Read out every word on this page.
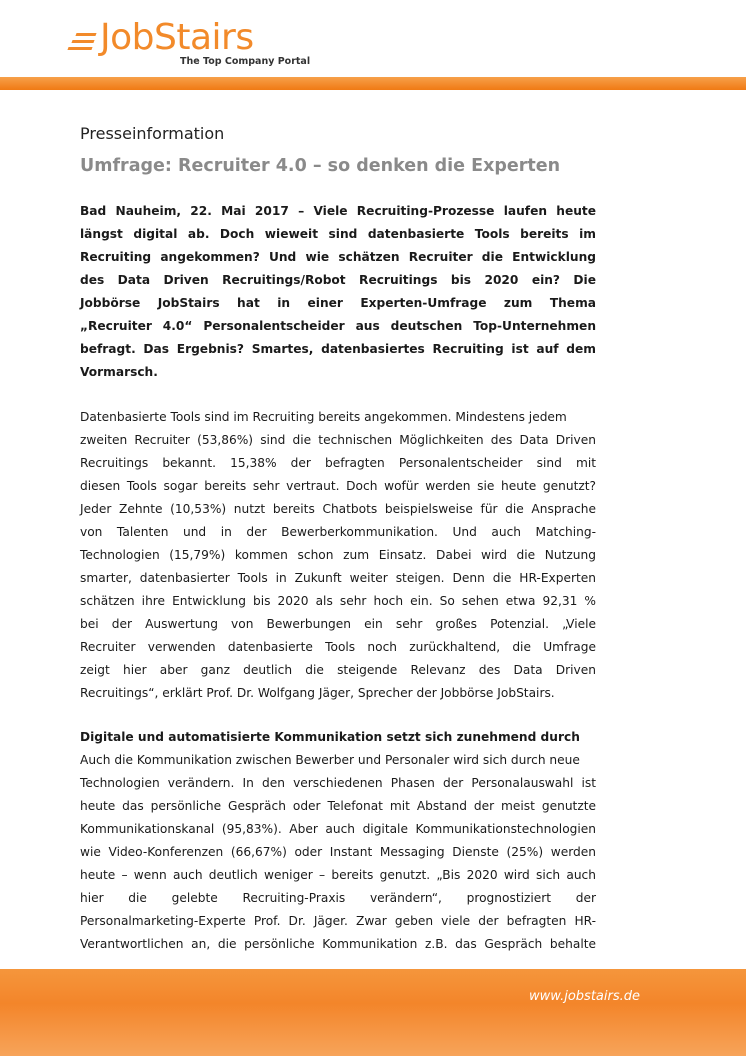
JobStairs
The Top Company Portal
Presseinformation
Umfrage: Recruiter 4.0 – so denken die Experten
Bad Nauheim, 22. Mai 2017 – Viele Recruiting-Prozesse laufen heute
längst digital ab. Doch wieweit sind datenbasierte Tools bereits im
Recruiting angekommen? Und wie schätzen Recruiter die Entwicklung
des Data Driven Recruitings/Robot Recruitings bis 2020 ein? Die
Jobbörse JobStairs hat in einer Experten-Umfrage zum Thema
„Recruiter 4.0“ Personalentscheider aus deutschen Top-Unternehmen
befragt. Das Ergebnis? Smartes, datenbasiertes Recruiting ist auf dem
Vormarsch.
Datenbasierte Tools sind im Recruiting bereits angekommen. Mindestens jedem
zweiten Recruiter (53,86%) sind die technischen Möglichkeiten des Data Driven
Recruitings bekannt. 15,38% der befragten Personalentscheider sind mit
diesen Tools sogar bereits sehr vertraut. Doch wofür werden sie heute genutzt?
Jeder Zehnte (10,53%) nutzt bereits Chatbots beispielsweise für die Ansprache
von Talenten und in der Bewerberkommunikation. Und auch Matching-
Technologien (15,79%) kommen schon zum Einsatz. Dabei wird die Nutzung
smarter, datenbasierter Tools in Zukunft weiter steigen. Denn die HR-Experten
schätzen ihre Entwicklung bis 2020 als sehr hoch ein. So sehen etwa 92,31 %
bei der Auswertung von Bewerbungen ein sehr großes Potenzial. „Viele
Recruiter verwenden datenbasierte Tools noch zurückhaltend, die Umfrage
zeigt hier aber ganz deutlich die steigende Relevanz des Data Driven
Recruitings“, erklärt Prof. Dr. Wolfgang Jäger, Sprecher der Jobbörse JobStairs.
Digitale und automatisierte Kommunikation setzt sich zunehmend durch
Auch die Kommunikation zwischen Bewerber und Personaler wird sich durch neue
Technologien verändern. In den verschiedenen Phasen der Personalauswahl ist
heute das persönliche Gespräch oder Telefonat mit Abstand der meist genutzte
Kommunikationskanal (95,83%). Aber auch digitale Kommunikationstechnologien
wie Video-Konferenzen (66,67%) oder Instant Messaging Dienste (25%) werden
heute – wenn auch deutlich weniger – bereits genutzt. „Bis 2020 wird sich auch
hier die gelebte Recruiting-Praxis verändern“, prognostiziert der
Personalmarketing-Experte Prof. Dr. Jäger. Zwar geben viele der befragten HR-
Verantwortlichen an, die persönliche Kommunikation z.B. das Gespräch behalte
www.jobstairs.de
